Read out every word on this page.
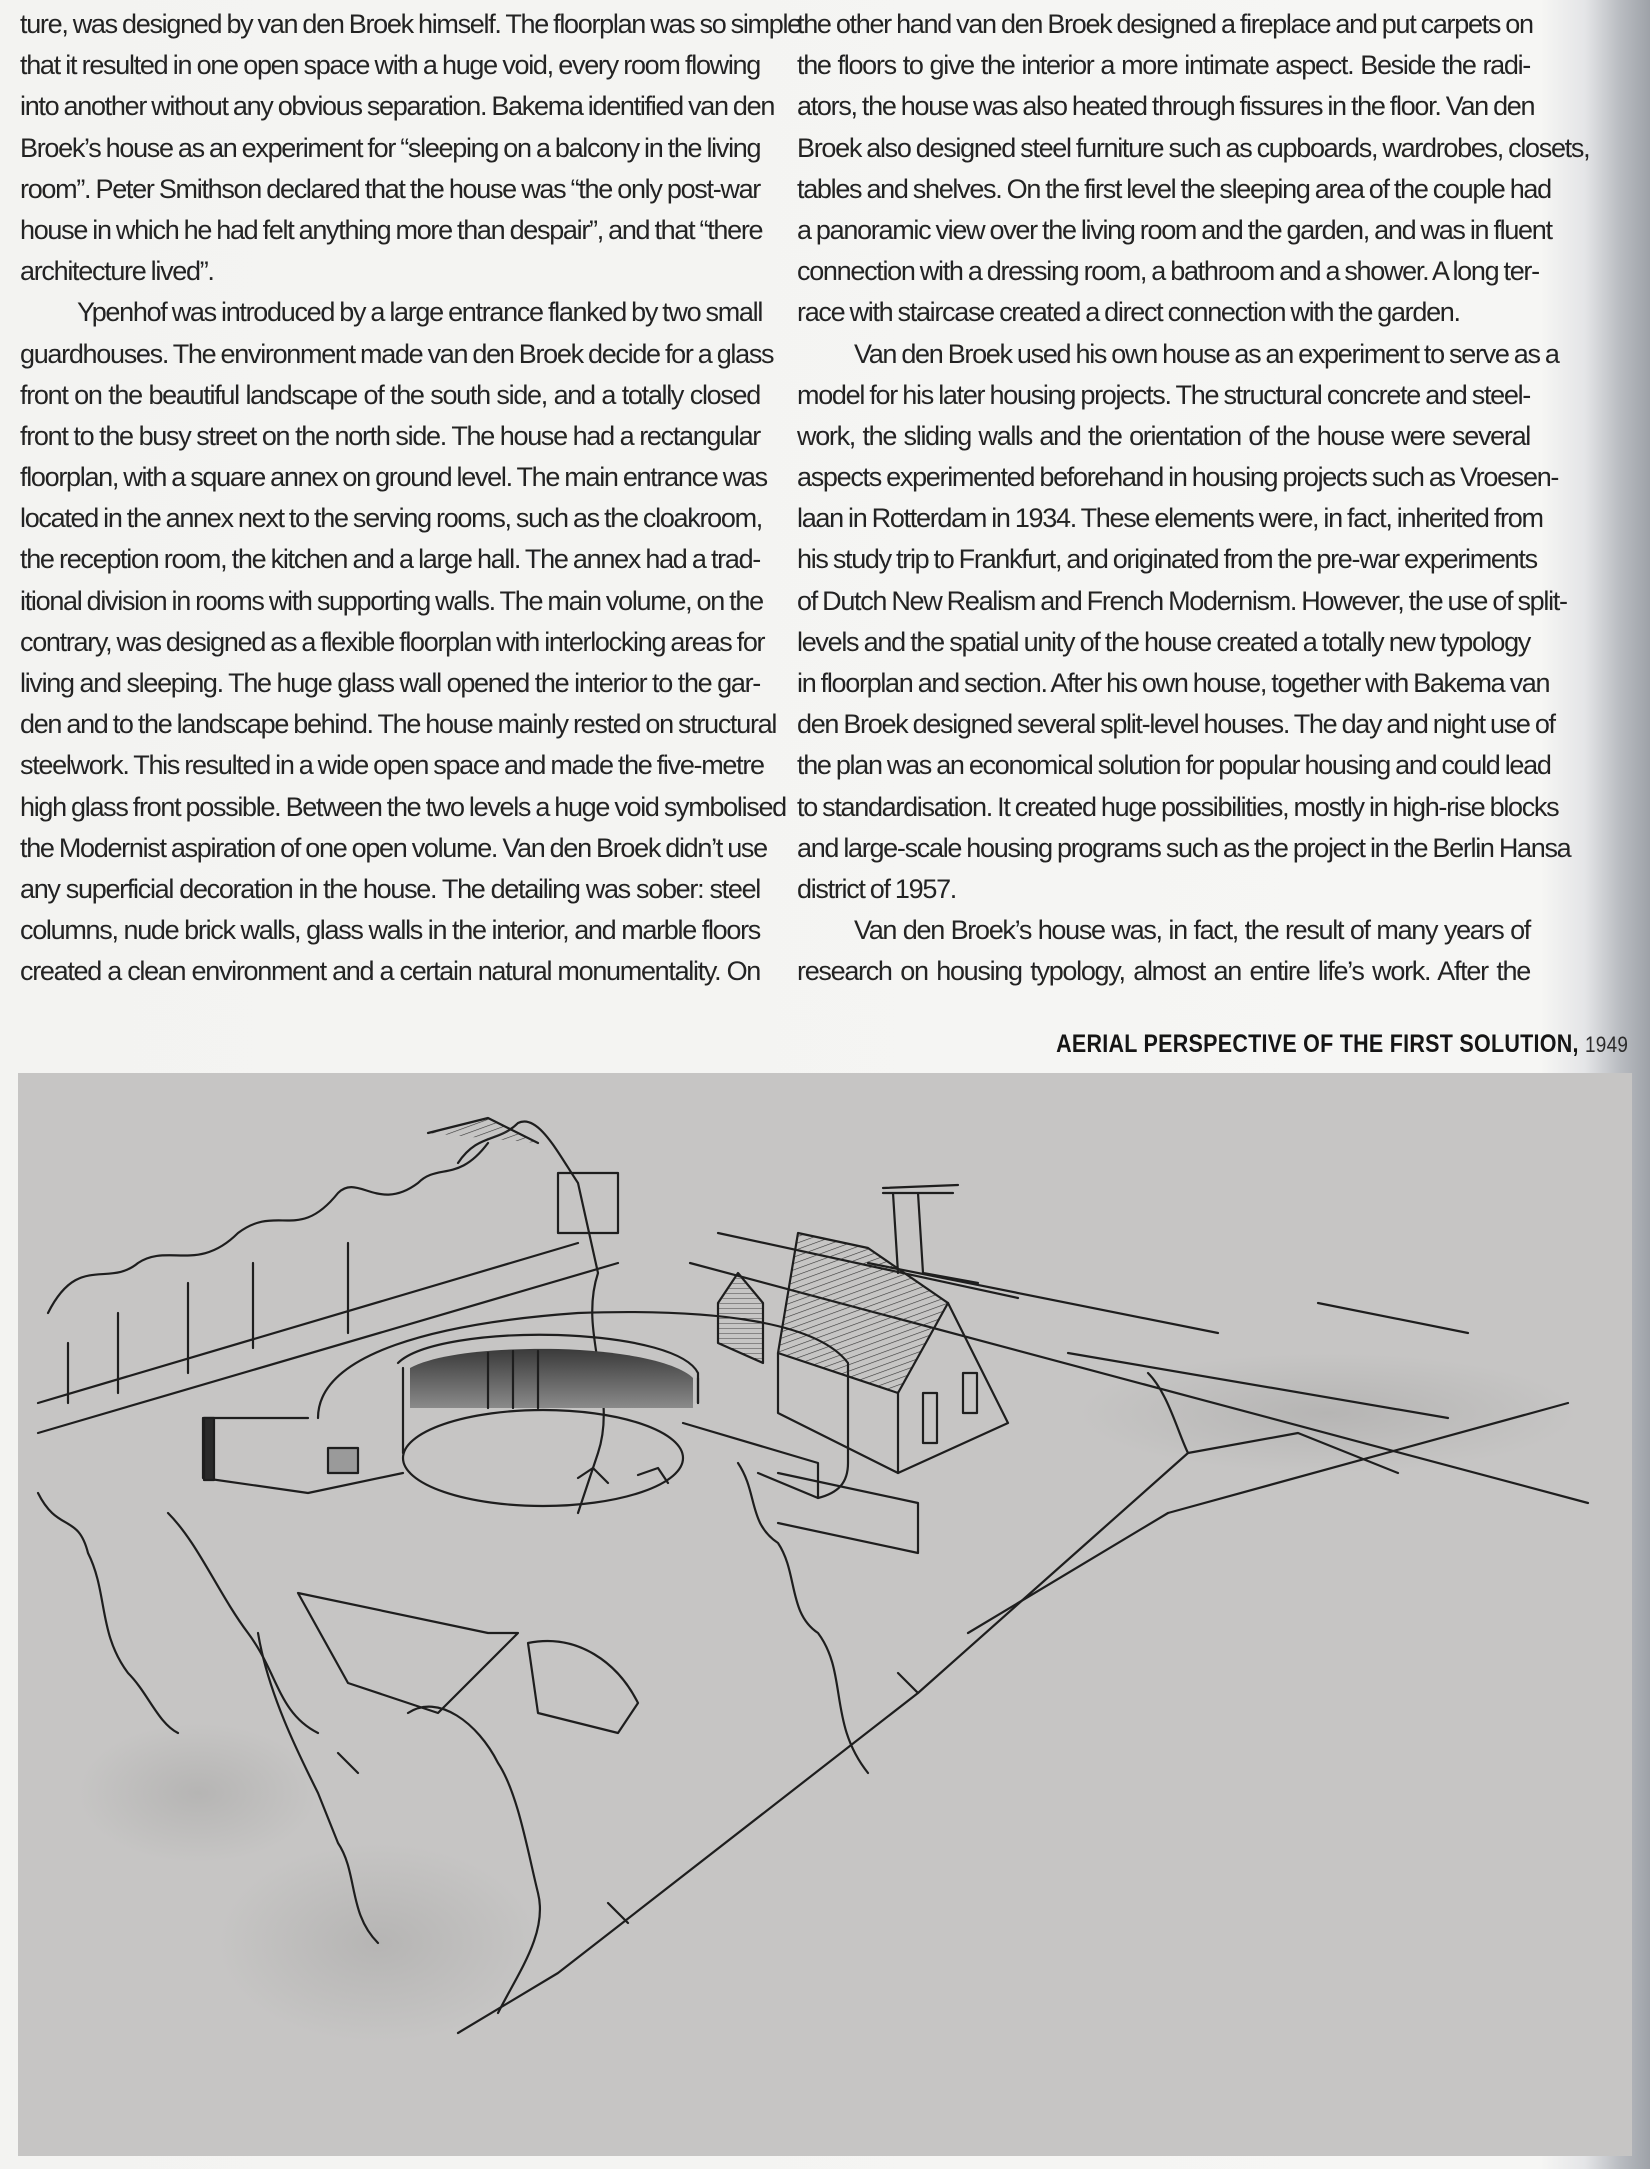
ture, was designed by van den Broek himself. The floorplan was so simple
that it resulted in one open space with a huge void, every room flowing
into another without any obvious separation. Bakema identified van den
Broek’s house as an experiment for “sleeping on a balcony in the living
room”. Peter Smithson declared that the house was “the only post-war
house in which he had felt anything more than despair”, and that “there
architecture lived”.
Ypenhof was introduced by a large entrance flanked by two small
guardhouses. The environment made van den Broek decide for a glass
front on the beautiful landscape of the south side, and a totally closed
front to the busy street on the north side. The house had a rectangular
floorplan, with a square annex on ground level. The main entrance was
located in the annex next to the serving rooms, such as the cloakroom,
the reception room, the kitchen and a large hall. The annex had a trad-
itional division in rooms with supporting walls. The main volume, on the
contrary, was designed as a flexible floorplan with interlocking areas for
living and sleeping. The huge glass wall opened the interior to the gar-
den and to the landscape behind. The house mainly rested on structural
steelwork. This resulted in a wide open space and made the five-metre
high glass front possible. Between the two levels a huge void symbolised
the Modernist aspiration of one open volume. Van den Broek didn’t use
any superficial decoration in the house. The detailing was sober: steel
columns, nude brick walls, glass walls in the interior, and marble floors
created a clean environment and a certain natural monumentality. On
the other hand van den Broek designed a fireplace and put carpets on
the floors to give the interior a more intimate aspect. Beside the radi-
ators, the house was also heated through fissures in the floor. Van den
Broek also designed steel furniture such as cupboards, wardrobes, closets,
tables and shelves. On the first level the sleeping area of the couple had
a panoramic view over the living room and the garden, and was in fluent
connection with a dressing room, a bathroom and a shower. A long ter-
race with staircase created a direct connection with the garden.
Van den Broek used his own house as an experiment to serve as a
model for his later housing projects. The structural concrete and steel-
work, the sliding walls and the orientation of the house were several
aspects experimented beforehand in housing projects such as Vroesen-
laan in Rotterdam in 1934. These elements were, in fact, inherited from
his study trip to Frankfurt, and originated from the pre-war experiments
of Dutch New Realism and French Modernism. However, the use of split-
levels and the spatial unity of the house created a totally new typology
in floorplan and section. After his own house, together with Bakema van
den Broek designed several split-level houses. The day and night use of
the plan was an economical solution for popular housing and could lead
to standardisation. It created huge possibilities, mostly in high-rise blocks
and large-scale housing programs such as the project in the Berlin Hansa
district of 1957.
Van den Broek’s house was, in fact, the result of many years of
research on housing typology, almost an entire life’s work. After the
AERIAL PERSPECTIVE OF THE FIRST SOLUTION, 1949
